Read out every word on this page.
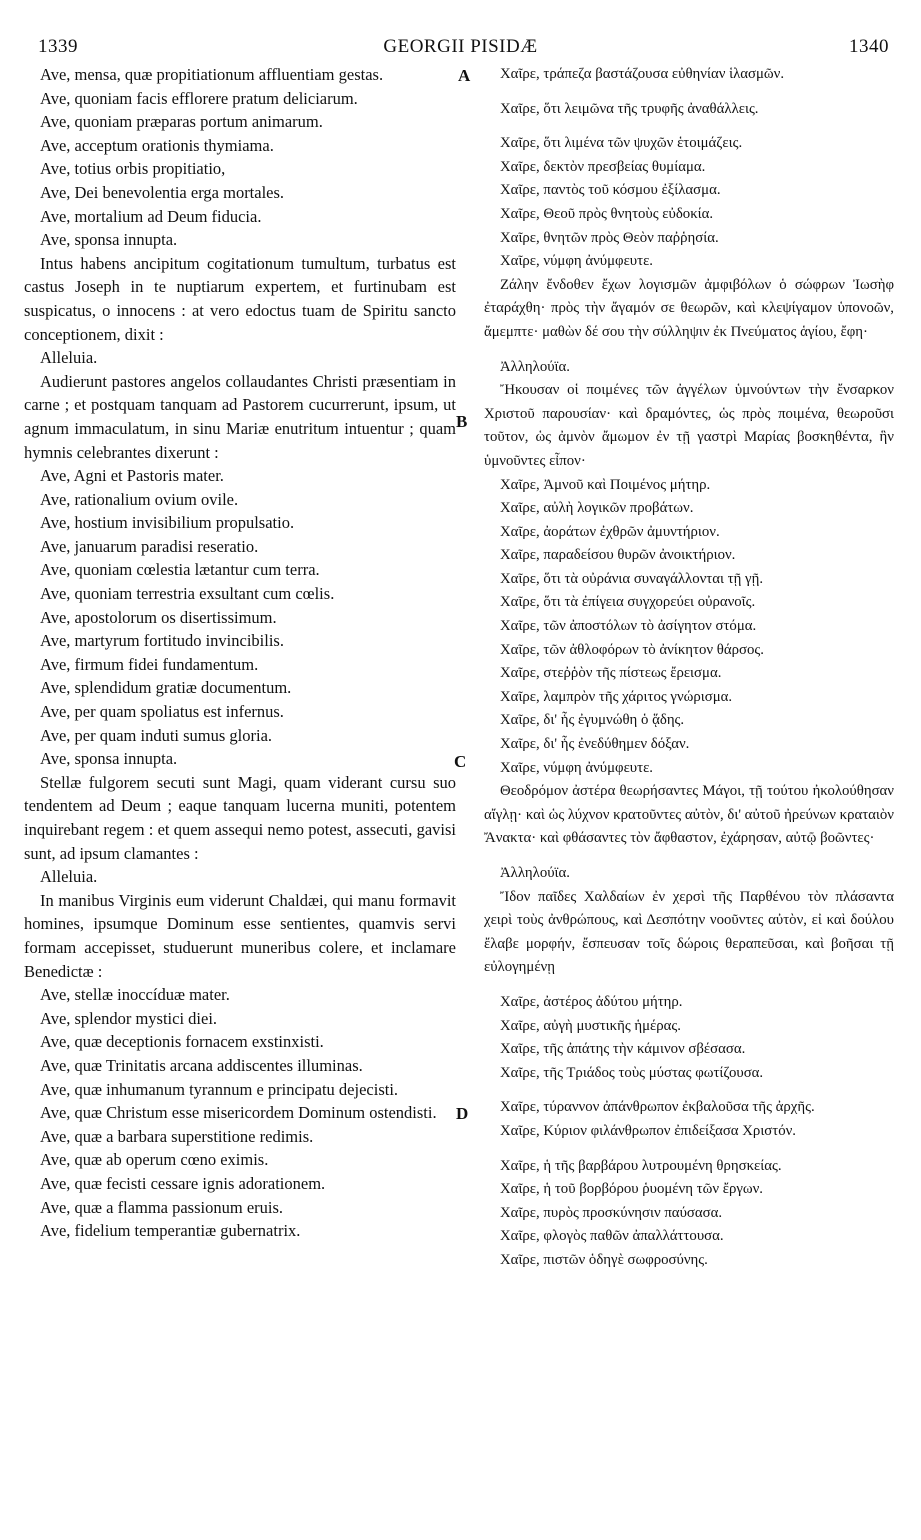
1339	GEORGII PISIDÆ	1340
A
B
C
D

Ave, mensa, quæ propitiationum affluentiam gestas.

Ave, quoniam facis efflorere pratum deliciarum.

Ave, quoniam præparas portum animarum.

Ave, acceptum orationis thymiama.

Ave, totius orbis propitiatio,

Ave, Dei benevolentia erga mortales.

Ave, mortalium ad Deum fiducia.

Ave, sponsa innupta.

Intus habens ancipitum cogitationum tumultum, turbatus est castus Joseph in te nuptiarum expertem, et furtinubam est suspicatus, o innocens : at vero edoctus tuam de Spiritu sancto conceptionem, dixit :

Alleluia.

Audierunt pastores angelos collaudantes Christi præsentiam in carne ; et postquam tanquam ad Pastorem cucurrerunt, ipsum, ut agnum immaculatum, in sinu Mariæ enutritum intuentur ; quam hymnis celebrantes dixerunt :

Ave, Agni et Pastoris mater.

Ave, rationalium ovium ovile.

Ave, hostium invisibilium propulsatio.

Ave, januarum paradisi reseratio.

Ave, quoniam cœlestia lætantur cum terra.

Ave, quoniam terrestria exsultant cum cœlis.

Ave, apostolorum os disertissimum.

Ave, martyrum fortitudo invincibilis.

Ave, firmum fidei fundamentum.

Ave, splendidum gratiæ documentum.

Ave, per quam spoliatus est infernus.

Ave, per quam induti sumus gloria.

Ave, sponsa innupta.

Stellæ fulgorem secuti sunt Magi, quam viderant cursu suo tendentem ad Deum ; eaque tanquam lucerna muniti, potentem inquirebant regem : et quem assequi nemo potest, assecuti, gavisi sunt, ad ipsum clamantes :

Alleluia.

In manibus Virginis eum viderunt Chaldæi, qui manu formavit homines, ipsumque Dominum esse sentientes, quamvis servi formam accepisset, studuerunt muneribus colere, et inclamare Benedictæ :

Ave, stellæ inoccíduæ mater.

Ave, splendor mystici diei.

Ave, quæ deceptionis fornacem exstinxisti.

Ave, quæ Trinitatis arcana addiscentes illuminas.

Ave, quæ inhumanum tyrannum e principatu dejecisti.

Ave, quæ Christum esse misericordem Dominum ostendisti.

Ave, quæ a barbara superstitione redimis.

Ave, quæ ab operum cœno eximis.

Ave, quæ fecisti cessare ignis adorationem.

Ave, quæ a flamma passionum eruis.

Ave, fidelium temperantiæ gubernatrix.

Χαῖρε, τράπεζα βαστάζουσα εὐθηνίαν ἱλασμῶν.

Χαῖρε, ὅτι λειμῶνα τῆς τρυφῆς ἀναθάλλεις.

Χαῖρε, ὅτι λιμένα τῶν ψυχῶν ἑτοιμάζεις.

Χαῖρε, δεκτὸν πρεσβείας θυμίαμα.

Χαῖρε, παντὸς τοῦ κόσμου ἐξίλασμα.

Χαῖρε, Θεοῦ πρὸς θνητοὺς εὐδοκία.

Χαῖρε, θνητῶν πρὸς Θεὸν παῤῥησία.

Χαῖρε, νύμφη ἀνύμφευτε.

Ζάλην ἔνδοθεν ἔχων λογισμῶν ἀμφιβόλων ὁ σώφρων Ἰωσὴφ ἐταράχθη· πρὸς τὴν ἄγαμόν σε θεωρῶν, καὶ κλεψίγαμον ὑπονοῶν, ἄμεμπτε· μαθὼν δέ σου τὴν σύλληψιν ἐκ Πνεύματος ἁγίου, ἔφη·

Ἀλληλούϊα.

Ἤκουσαν οἱ ποιμένες τῶν ἀγγέλων ὑμνούντων τὴν ἔνσαρκον Χριστοῦ παρουσίαν· καὶ δραμόντες, ὡς πρὸς ποιμένα, θεωροῦσι τοῦτον, ὡς ἀμνὸν ἄμωμον ἐν τῇ γαστρὶ Μαρίας βοσκηθέντα, ἣν ὑμνοῦντες εἶπον·

Χαῖρε, Ἀμνοῦ καὶ Ποιμένος μήτηρ.

Χαῖρε, αὐλὴ λογικῶν προβάτων.

Χαῖρε, ἀοράτων ἐχθρῶν ἀμυντήριον.

Χαῖρε, παραδείσου θυρῶν ἀνοικτήριον.

Χαῖρε, ὅτι τὰ οὐράνια συναγάλλονται τῇ γῇ.

Χαῖρε, ὅτι τὰ ἐπίγεια συγχορεύει οὐρανοῖς.

Χαῖρε, τῶν ἀποστόλων τὸ ἀσίγητον στόμα.

Χαῖρε, τῶν ἀθλοφόρων τὸ ἀνίκητον θάρσος.

Χαῖρε, στεῤῥὸν τῆς πίστεως ἔρεισμα.

Χαῖρε, λαμπρὸν τῆς χάριτος γνώρισμα.

Χαῖρε, δι' ἧς ἐγυμνώθη ὁ ᾅδης.

Χαῖρε, δι' ἧς ἐνεδύθημεν δόξαν.

Χαῖρε, νύμφη ἀνύμφευτε.

Θεοδρόμον ἀστέρα θεωρήσαντες Μάγοι, τῇ τούτου ἠκολούθησαν αἴγλῃ· καὶ ὡς λύχνον κρατοῦντες αὐτὸν, δι' αὐτοῦ ἠρεύνων κραταιὸν Ἄνακτα· καὶ φθάσαντες τὸν ἄφθαστον, ἐχάρησαν, αὐτῷ βοῶντες·

Ἀλληλούϊα.

Ἴδον παῖδες Χαλδαίων ἐν χερσὶ τῆς Παρθένου τὸν πλάσαντα χειρὶ τοὺς ἀνθρώπους, καὶ Δεσπότην νοοῦντες αὐτὸν, εἰ καὶ δούλου ἔλαβε μορφήν, ἔσπευσαν τοῖς δώροις θεραπεῦσαι, καὶ βοῆσαι τῇ εὐλογημένῃ

Χαῖρε, ἀστέρος ἀδύτου μήτηρ.

Χαῖρε, αὐγὴ μυστικῆς ἡμέρας.

Χαῖρε, τῆς ἀπάτης τὴν κάμινον σβέσασα.

Χαῖρε, τῆς Τριάδος τοὺς μύστας φωτίζουσα.

Χαῖρε, τύραννον ἀπάνθρωπον ἐκβαλοῦσα τῆς ἀρχῆς.

Χαῖρε, Κύριον φιλάνθρωπον ἐπιδείξασα Χριστόν.

Χαῖρε, ἡ τῆς βαρβάρου λυτρουμένη θρησκείας.

Χαῖρε, ἡ τοῦ βορβόρου ῥυομένη τῶν ἔργων.

Χαῖρε, πυρὸς προσκύνησιν παύσασα.

Χαῖρε, φλογὸς παθῶν ἀπαλλάττουσα.

Χαῖρε, πιστῶν ὁδηγὲ σωφροσύνης.
